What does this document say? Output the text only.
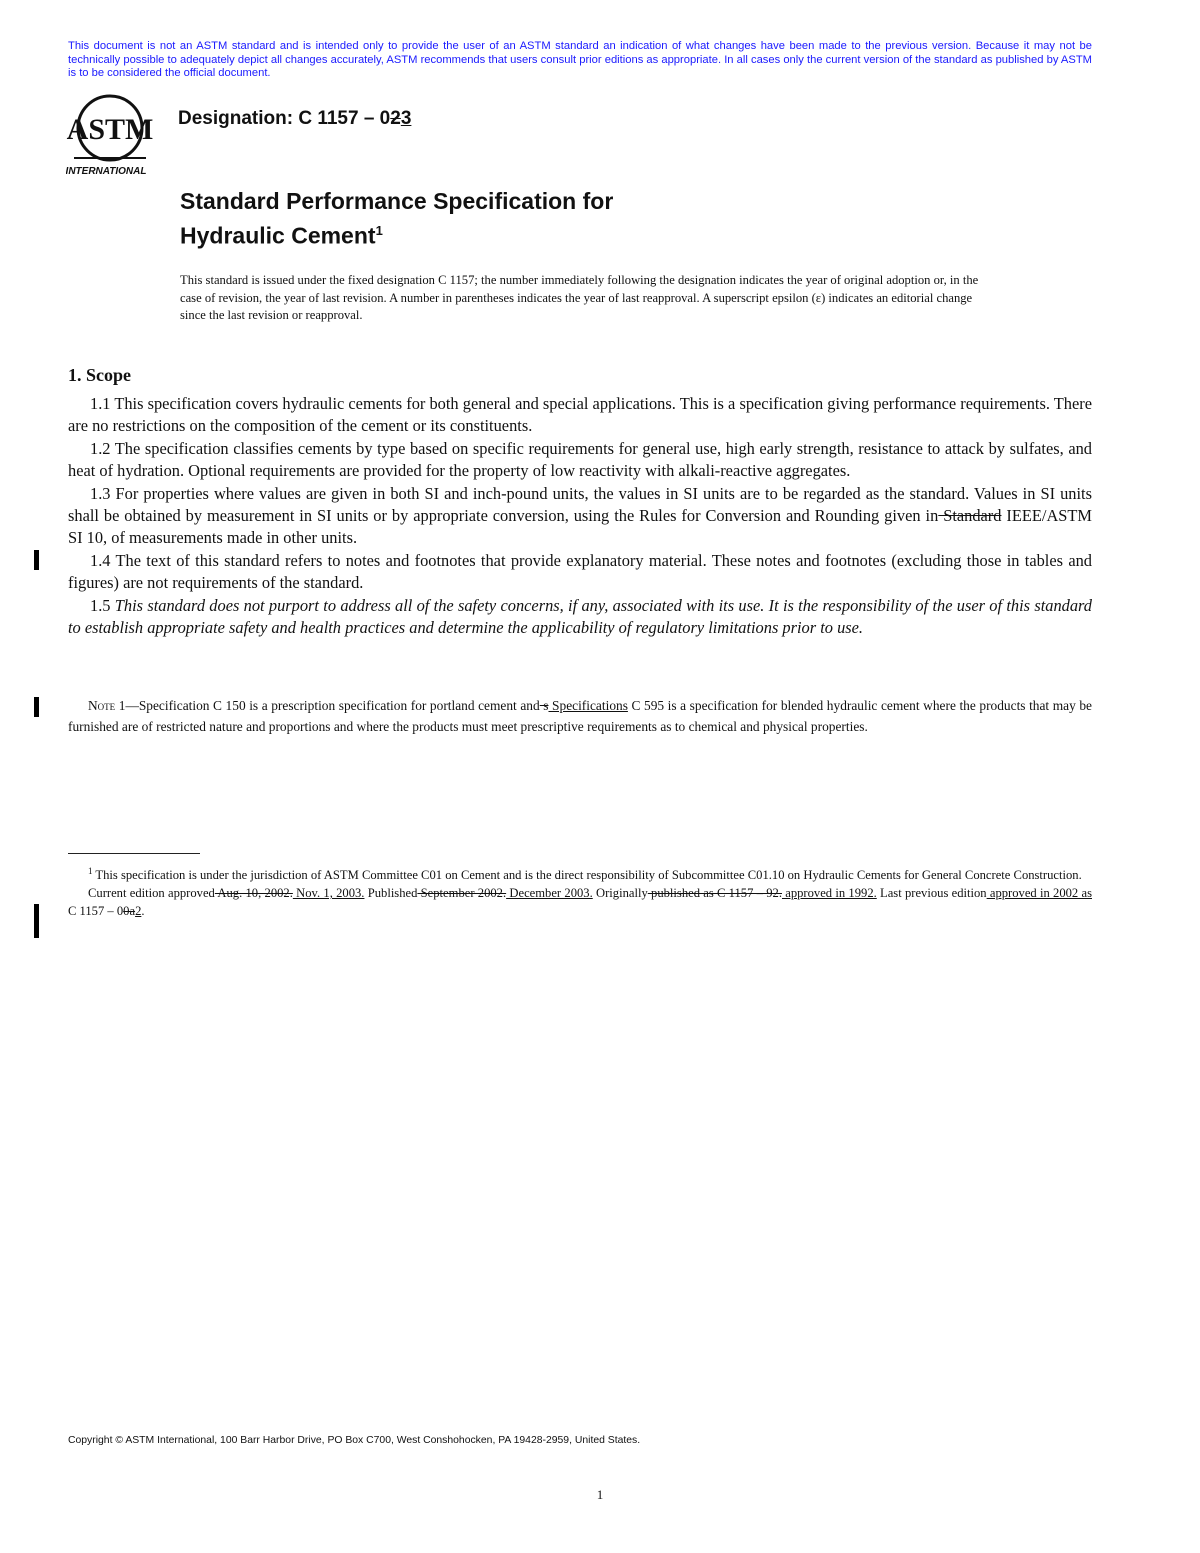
This document is not an ASTM standard and is intended only to provide the user of an ASTM standard an indication of what changes have been made to the previous version. Because it may not be technically possible to adequately depict all changes accurately, ASTM recommends that users consult prior editions as appropriate. In all cases only the current version of the standard as published by ASTM is to be considered the official document.
ASTM
INTERNATIONAL
Designation: C 1157 – 023
Standard Performance Specification for
Hydraulic Cement$^1$
This standard is issued under the fixed designation C 1157; the number immediately following the designation indicates the year of original adoption or, in the case of revision, the year of last revision. A number in parentheses indicates the year of last reapproval. A superscript epsilon (ε) indicates an editorial change since the last revision or reapproval.
1. Scope

1.1 This specification covers hydraulic cements for both general and special applications. This is a specification giving performance requirements. There are no restrictions on the composition of the cement or its constituents.

1.2 The specification classifies cements by type based on specific requirements for general use, high early strength, resistance to attack by sulfates, and heat of hydration. Optional requirements are provided for the property of low reactivity with alkali-reactive aggregates.

1.3 For properties where values are given in both SI and inch-pound units, the values in SI units are to be regarded as the standard. Values in SI units shall be obtained by measurement in SI units or by appropriate conversion, using the Rules for Conversion and Rounding given in Standard IEEE/ASTM SI 10, of measurements made in other units.

1.4 The text of this standard refers to notes and footnotes that provide explanatory material. These notes and footnotes (excluding those in tables and figures) are not requirements of the standard.

1.5 This standard does not purport to address all of the safety concerns, if any, associated with its use. It is the responsibility of the user of this standard to establish appropriate safety and health practices and determine the applicability of regulatory limitations prior to use.

Note 1—Specification C 150 is a prescription specification for portland cement and s Specifications C 595 is a specification for blended hydraulic cement where the products that may be furnished are of restricted nature and proportions and where the products must meet prescriptive requirements as to chemical and physical properties.

$^1$ This specification is under the jurisdiction of ASTM Committee C01 on Cement and is the direct responsibility of Subcommittee C01.10 on Hydraulic Cements for General Concrete Construction.

Current edition approved Aug. 10, 2002. Nov. 1, 2003. Published September 2002. December 2003. Originally published as C 1157 – 92. approved in 1992. Last previous edition approved in 2002 as C 1157 – 00a2.

Copyright © ASTM International, 100 Barr Harbor Drive, PO Box C700, West Conshohocken, PA 19428-2959, United States.
1
